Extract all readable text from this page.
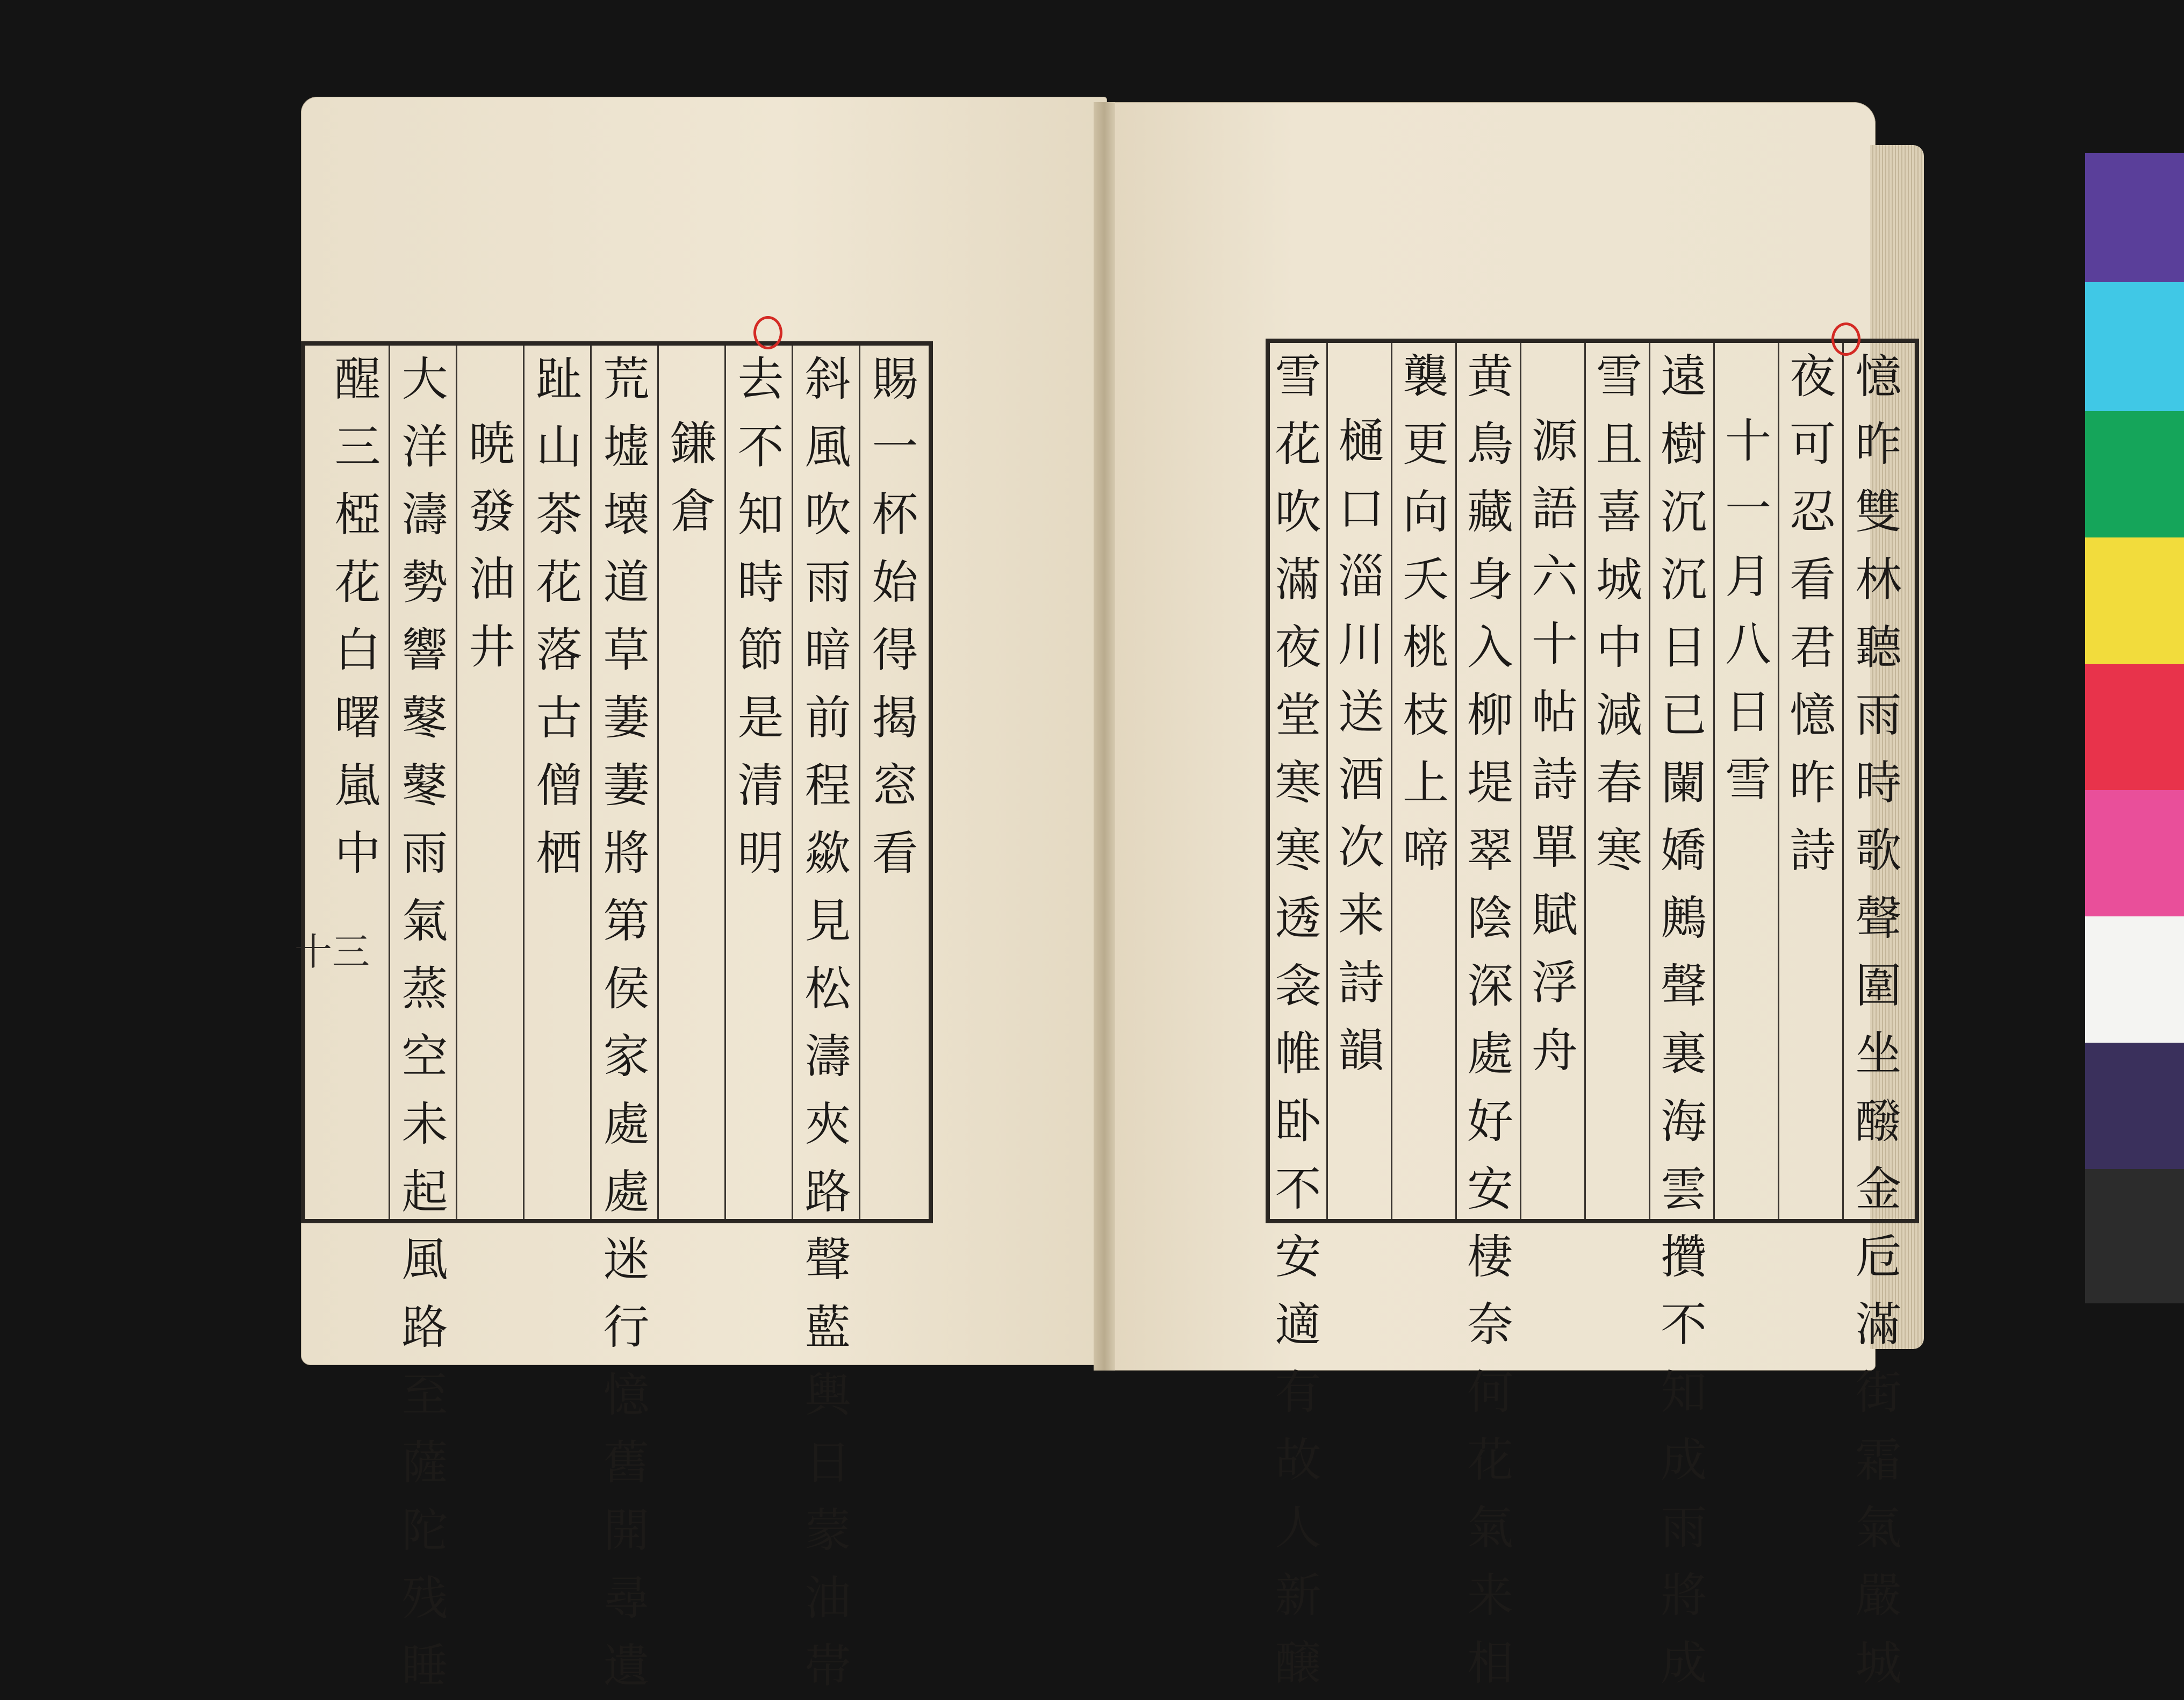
賜
一
杯
始
得
揭
窓
看
斜
風
吹
雨
暗
前
程
歘
見
松
濤
夾
路
聲
藍
輿
日
蒙
油
帯
去
不
知
時
節
是
清
明
鎌
倉
荒
墟
壊
道
草
萋
萋
將
第
侯
家
處
處
迷
行
憶
舊
開
尋
遺
趾
山
茶
花
落
古
僧
栖
暁
發
油
井
大
洋
濤
勢
響
鼕
鼕
雨
氣
蒸
空
未
起
風
路
至
薩
陀
残
睡
醒
三
椏
花
白
曙
嵐
中
十三
憶
昨
雙
林
聽
雨
時
歌
聲
圍
坐
醱
金
卮
滿
街
霜
氣
嚴
城
夜
可
忍
看
君
憶
昨
詩
十
一
月
八
日
雪
遠
樹
沉
沉
日
已
闌
嬌
鶊
聲
裏
海
雲
攢
不
知
成
雨
將
成
雪
且
喜
城
中
減
春
寒
源
語
六
十
帖
詩
單
賦
浮
舟
黄
鳥
藏
身
入
柳
堤
翠
陰
深
處
好
安
棲
奈
何
花
氣
来
相
襲
更
向
夭
桃
枝
上
啼
樋
口
淄
川
送
酒
次
来
詩
韻
雪
花
吹
滿
夜
堂
寒
寒
透
衾
帷
卧
不
安
適
有
故
人
新
醸
